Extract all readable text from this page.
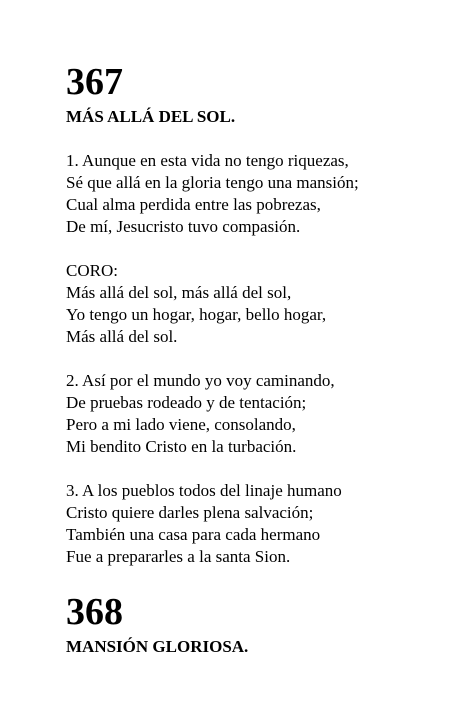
367
MÁS ALLÁ DEL SOL.
1. Aunque en esta vida no tengo riquezas,
Sé que allá en la gloria tengo una mansión;
Cual alma perdida entre las pobrezas,
De mí, Jesucristo tuvo compasión.
CORO:
Más allá del sol, más allá del sol,
Yo tengo un hogar, hogar, bello hogar,
Más allá del sol.
2. Así por el mundo yo voy caminando,
De pruebas rodeado y de tentación;
Pero a mi lado viene, consolando,
Mi bendito Cristo en la turbación.
3. A los pueblos todos del linaje humano
Cristo quiere darles plena salvación;
También una casa para cada hermano
Fue a prepararles a la santa Sion.
368
MANSIÓN GLORIOSA.
